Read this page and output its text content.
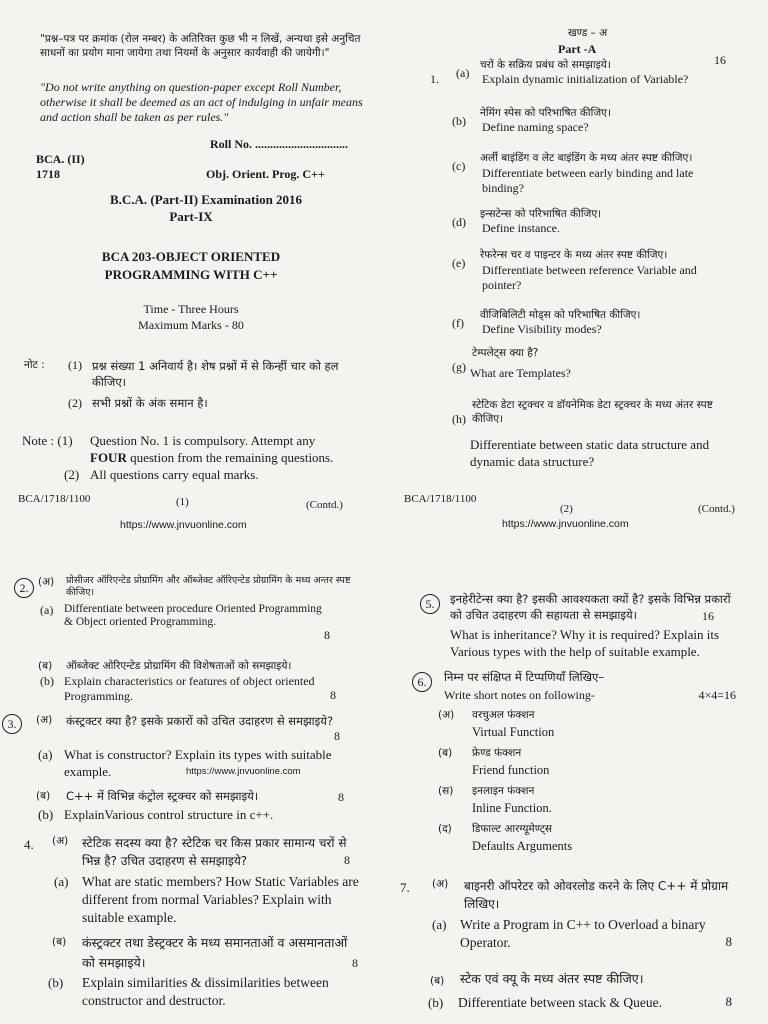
"प्रश्न–पत्र पर क्रमांक (रोल नम्बर) के अतिरिक्त कुछ भी न लिखें, अन्यथा इसे अनुचित साधनों का प्रयोग माना जायेगा तथा नियमों के अनुसार कार्यवाही की जायेगी।"
"Do not write anything on question-paper except Roll Number, otherwise it shall be deemed as an act of indulging in unfair means and action shall be taken as per rules."
Roll No. ...............................
BCA. (II)
1718	Obj. Orient. Prog. C++
B.C.A. (Part-II) Examination 2016
Part-IX
BCA 203-OBJECT ORIENTED
PROGRAMMING WITH C++
Time - Three Hours
Maximum Marks - 80
नोट : (1) प्रश्न संख्या 1 अनिवार्य है। शेष प्रश्नों में से किन्हीं चार को हल कीजिए।
(2) सभी प्रश्नों के अंक समान है।
Note : (1) Question No. 1 is compulsory. Attempt any
FOUR question from the remaining questions.
(2) All questions carry equal marks.
BCA/1718/1100	(1)	(Contd.)
https://www.jnvuonline.com
खण्ड – अ
Part -A
1.
16
(a)
चरों के सक्रिय प्रबंध को समझाइये।
Explain dynamic initialization of Variable?
(b)
नेमिंग स्पेस को परिभाषित कीजिए।
Define naming space?
(c)
अर्ली बाइंडिंग व लेट बाइंडिंग के मध्य अंतर स्पष्ट कीजिए।
Differentiate between early binding and late binding?
(d)
इन्सटेन्स को परिभाषित कीजिए।
Define instance.
(e)
रेफरेन्स चर व पाइन्टर के मध्य अंतर स्पष्ट कीजिए।
Differentiate between reference Variable and pointer?
(f)
वीजिबिलिटी मोड्स को परिभाषित कीजिए।
Define Visibility modes?
(g)
टेम्पलेट्स क्या है?
What are Templates?
(h)
स्टेटिक डेटा स्ट्रक्चर व डॉयनेमिक डेटा स्ट्रक्चर के मध्य अंतर स्पष्ट कीजिए।
Differentiate between static data structure and dynamic data structure?
BCA/1718/1100
(2)	(Contd.)
https://www.jnvuonline.com
2. (अ) प्रोसीजर ऑरिएन्टेड प्रोग्रामिंग और ऑब्जेक्ट ऑरिएन्टेड प्रोग्रामिंग के मध्य अन्तर स्पष्ट कीजिए।
(a) Differentiate between procedure Oriented Programming & Object oriented Programming.
8
(ब) ऑब्जेक्ट ओरिएन्टेड प्रोग्रामिंग की विशेषताओं को समझाइये।
(b) Explain characteristics or features of object oriented Programming.	8
3.	(अ) कंस्ट्रक्टर क्या है? इसके प्रकारों को उचित उदाहरण से समझाइये?
8
(a) What is constructor? Explain its types with suitable example.	https://www.jnvuonline.com
(ब) C++ में विभिन्न कंट्रोल स्ट्रक्चर को समझाइये।	8
(b) ExplainVarious control structure in c++.
4. (अ) स्टेटिक सदस्य क्या है? स्टेटिक चर किस प्रकार सामान्य चरों से भिन्न है? उचित उदाहरण से समझाइये?	8
(a) What are static members? How Static Variables are different from normal Variables? Explain with suitable example.
(ब) कंस्ट्रक्टर तथा डेस्ट्रक्टर के मध्य समानताओं व असमानताओं को समझाइये।	8
(b) Explain similarities & dissimilarities between constructor and destructor.
5.	इनहेरीटेन्स क्या है? इसकी आवश्यकता क्यों है? इसके विभिन्न प्रकारों को उचित उदाहरण की सहायता से समझाइये।	16
What is inheritance? Why it is required? Explain its Various types with the help of suitable example.
6.	निम्न पर संक्षिप्त में टिप्पणियाँ लिखिए–
Write short notes on following-	4×4=16
(अ) वरचुअल फंक्शन
Virtual Function
(ब) फ्रेण्ड फंक्शन
Friend function
(स) इनलाइन फंक्शन
Inline Function.
(द) डिफाल्ट आरग्यूमेण्ट्स
Defaults Arguments
7. (अ) बाइनरी ऑपरेटर को ओवरलोड करने के लिए C++ में प्रोग्राम लिखिए।
(a) Write a Program in C++ to Overload a binary Operator.	8
(ब) स्टेक एवं क्यू के मध्य अंतर स्पष्ट कीजिए।
(b) Differentiate between stack & Queue.	8
